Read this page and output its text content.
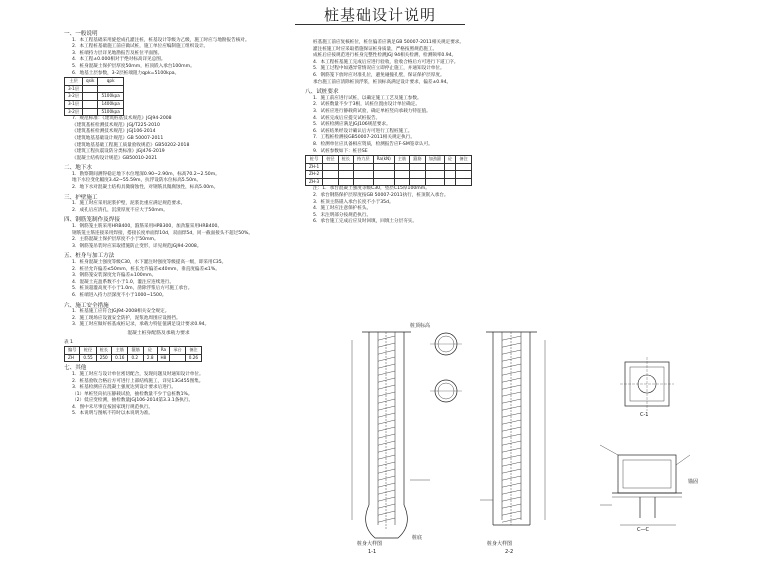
桩基础设计说明
一、一般说明
1．本工程基础采用旋挖成孔灌注桩，桩基设计等级为乙级，施工时应与地勘报告核对。
2．本工程桩基础施工前应做试桩，施工单位应编制施工组织设计。
3．桩端持力层详见地勘报告及桩位平面图。
4．本工程±0.000相对于绝对标高详见总图。
5．桩身混凝土保护层厚度50mm，桩顶嵌入承台100mm。
6．地基土层参数，3-2层桩端阻力qpk=5100kpa。
土层	qsik	qpk
3-1层		
3-2层		5100kpa
3-1层		1400kpa
3-2层		5100kpa
7．规范标准：《建筑桩基技术规范》JGJ94-2008
《建筑基桩检测技术规范》JGJ/T225-2010
《建筑基桩检测技术规范》JGJ106-2014
《建筑地基基础设计规范》GB 50007-2011
《建筑地基基础工程施工质量验收规范》GB50202-2018
《建筑工程抗震设防分类标准》JGJ476-2019
《混凝土结构设计规范》GB50010-2021
二、地下水
1．勘察期间测得稳定地下水位埋深0.90~2.90m，标高70.2~2.50m。
地下水位变化幅度3.42~55.59m，抗浮设防水位标高5.50m。
2．地下水对混凝土结构具微腐蚀性，对钢筋具微腐蚀性，标高5.00m。
三、护壁施工
1．施工时应采用泥浆护壁，泥浆比重应满足规范要求。
2．成孔后应清孔，沉渣厚度不应大于50mm。
四、钢筋笼制作及焊接
1．钢筋笼主筋采用HRB400，箍筋采用HPB300，加劲箍采用HRB400。
钢筋笼主筋连接采用焊接，搭接长度单面焊10d，双面焊5d，同一截面接头不超过50%。
2．主筋混凝土保护层厚度不小于50mm。
3．钢筋笼吊装时应采取措施防止变形，详见规范JGJ94-2008。
五、桩身与加工方法
1．桩身混凝土强度等级C30，水下灌注时强度等级提高一级，即采用C35。
2．桩径允许偏差≤50mm，桩长允许偏差≤40mm，垂直度偏差≤1%。
3．钢筋笼安装深度允许偏差±100mm。
4．混凝土充盈系数不小于1.0，灌注应连续进行。
5．桩顶超灌高度不小于1.0m，凿除浮浆后方可施工承台。
6．桩端进入持力层深度不小于1000~1500。
六、施工安全措施
1．桩基施工应符合JGJ94-2008相关安全规定。
2．施工现场应设置安全防护，泥浆池周围应设围挡。
3．施工时应做好桩基成桩记录，承载力特征值满足设计要求0.94。
混凝土桩身配筋及承载力要求
表 1
编号	桩径	桩长	主筋	箍筋	砼	Ra	承台	备注
ZH	0.55	250	0.16	0.2	2.8	H8		0.26
七、其他
1．施工时应与设计单位密切配合，发现问题及时通知设计单位。
2．桩基验收合格后方可进行上部结构施工，详见13G455图集。
3．桩基检测应在混凝土强度达到设计要求后进行。
（1）单桩竖向抗压静载试验，抽检数量不少于总桩数1%。
（2）低应变检测，抽检数量JGJ106-2014第3.3.1条执行。
4．图中未尽事宜按国家现行规范执行。
5．本说明与图纸不符时以本说明为准。
桩基施工前应复核桩位，桩位偏差应满足GB 50007-2011相关规定要求。
灌注桩施工时应采取措施保证桩身质量，严格按照规范施工。
成桩后应按规范进行桩身完整性检测JGJ 94相关检测，检测频率0.94。
4．本工程桩基施工完成后应进行验收，验收合格后方可进行下道工序。
5．施工过程中如遇异常情况应立即停止施工，并通知设计单位。
6．钢筋笼下放时应对准孔位，避免碰撞孔壁，保证保护层厚度。
承台施工前应清除桩顶浮浆，桩顶标高满足设计要求，偏差±0.94。
八、试桩要求
1．施工前应进行试桩，以确定施工工艺及施工参数。
2．试桩数量不少于3根，试桩位置由设计单位确定。
3．试桩应进行静载荷试验，确定单桩竖向承载力特征值。
4．试桩完成后应提交试桩报告。
5．试桩检测应满足JGJ106规范要求。
6．试桩结果经设计确认后方可进行工程桩施工。
7．工程桩检测按GB50007-2011相关规定执行。
8．检测单位应具备相应资质，检测报告应F-SM签章认可。
9．试桩参数如下：桩径SE
桩号	桩径	桩长	持力层	Ra(kN)	主筋	箍筋	加劲箍	砼	备注
ZH-1									
ZH-2									
ZH-3									
注：1．承台混凝土强度等级C30，垫层C15厚100mm。
2．承台钢筋保护层厚度按GB 50007-2011执行，桩顶嵌入承台。
3．桩顶主筋锚入承台长度不小于35d。
4．施工时应注意保护桩头。
5．未注明部分按规范执行。
6．承台施工完成后应及时回填，回填土分层夯实。
桩身大样图
1-1
桩身大样图
2-2
C-1
C—C
锚固
桩顶标高
桩底
